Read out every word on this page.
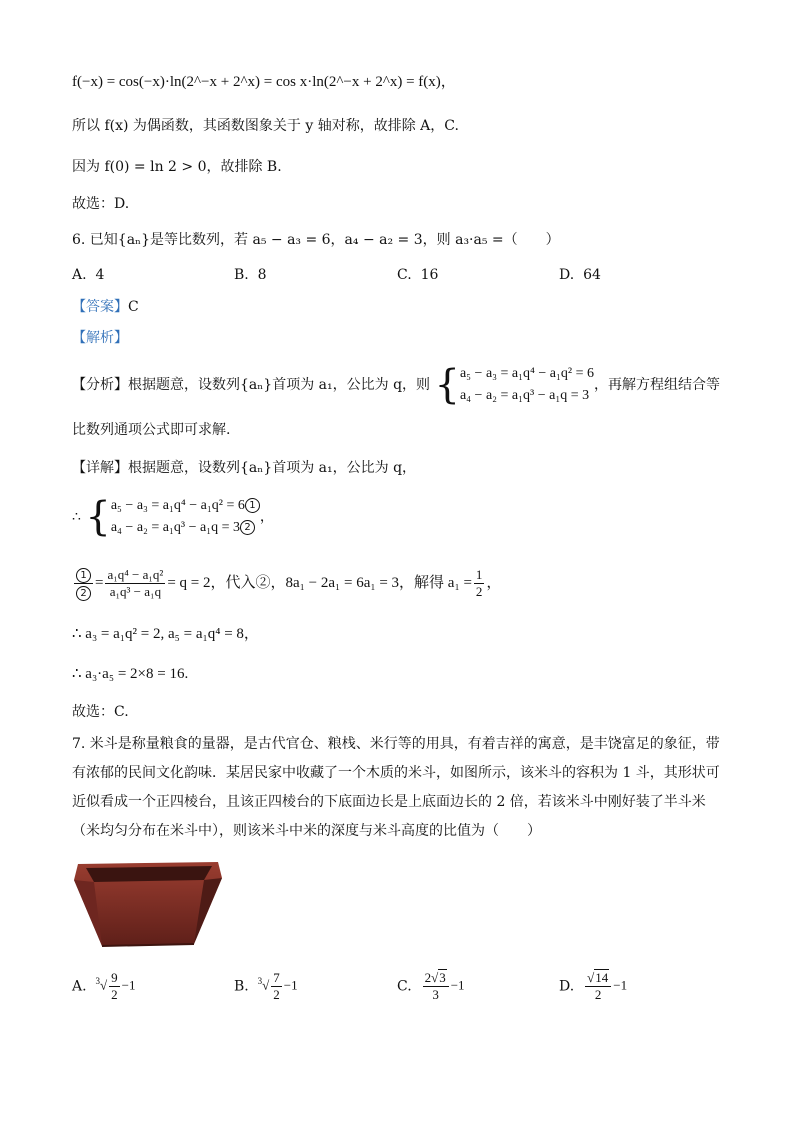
f(−x) = cos(−x)·ln(2^−x + 2^x) = cos x·ln(2^−x + 2^x) = f(x)，
所以 f(x) 为偶函数，其函数图象关于 y 轴对称，故排除 A，C.
因为 f(0) = ln 2 > 0，故排除 B.
故选：D.
6. 已知{aₙ}是等比数列，若 a₅ − a₃ = 6，a₄ − a₂ = 3，则 a₃·a₅ =（　　）
A. 4	B. 8	C. 16	D. 64
【答案】C
【解析】
【分析】根据题意，设数列{aₙ}首项为 a₁，公比为 q，则 { a₅ − a₃ = a₁q⁴ − a₁q² = 6
a₄ − a₂ = a₁q³ − a₁q = 3
，再解方程组结合等
比数列通项公式即可求解.
【详解】根据题意，设数列{aₙ}首项为 a₁，公比为 q，
∴ { a₅ − a₃ = a₁q⁴ − a₁q² = 6 1
a₄ − a₂ = a₁q³ − a₁q = 3 2
，
$\frac{1}{2} = \frac{\text{a₁q⁴ − a₁q²}}{\text{a₁q³ − a₁q}} = q = 2$，代入②，8a₁ − 2a₁ = 6a₁ = 3，解得 $a_1 = \frac{1}{2}$ ，
∴ a₃ = a₁q² = 2, a₅ = a₁q⁴ = 8，
∴ a₃·a₅ = 2×8 = 16.
故选：C.
7. 米斗是称量粮食的量器，是古代官仓、粮栈、米行等的用具，有着吉祥的寓意，是丰饶富足的象征，带有浓郁的民间文化韵味．某居民家中收藏了一个木质的米斗，如图所示，该米斗的容积为 1 斗，其形状可近似看成一个正四棱台，且该正四棱台的下底面边长是上底面边长的 2 倍，若该米斗中刚好装了半斗米（米均匀分布在米斗中），则该米斗中米的深度与米斗高度的比值为（　　）
A. $^3√ \frac{9}{2} -1$	B. $^3√ \frac{7}{2} -1$	C. $\frac{2√3}{3} -1$	D. $\frac{√14}{2} -1$
